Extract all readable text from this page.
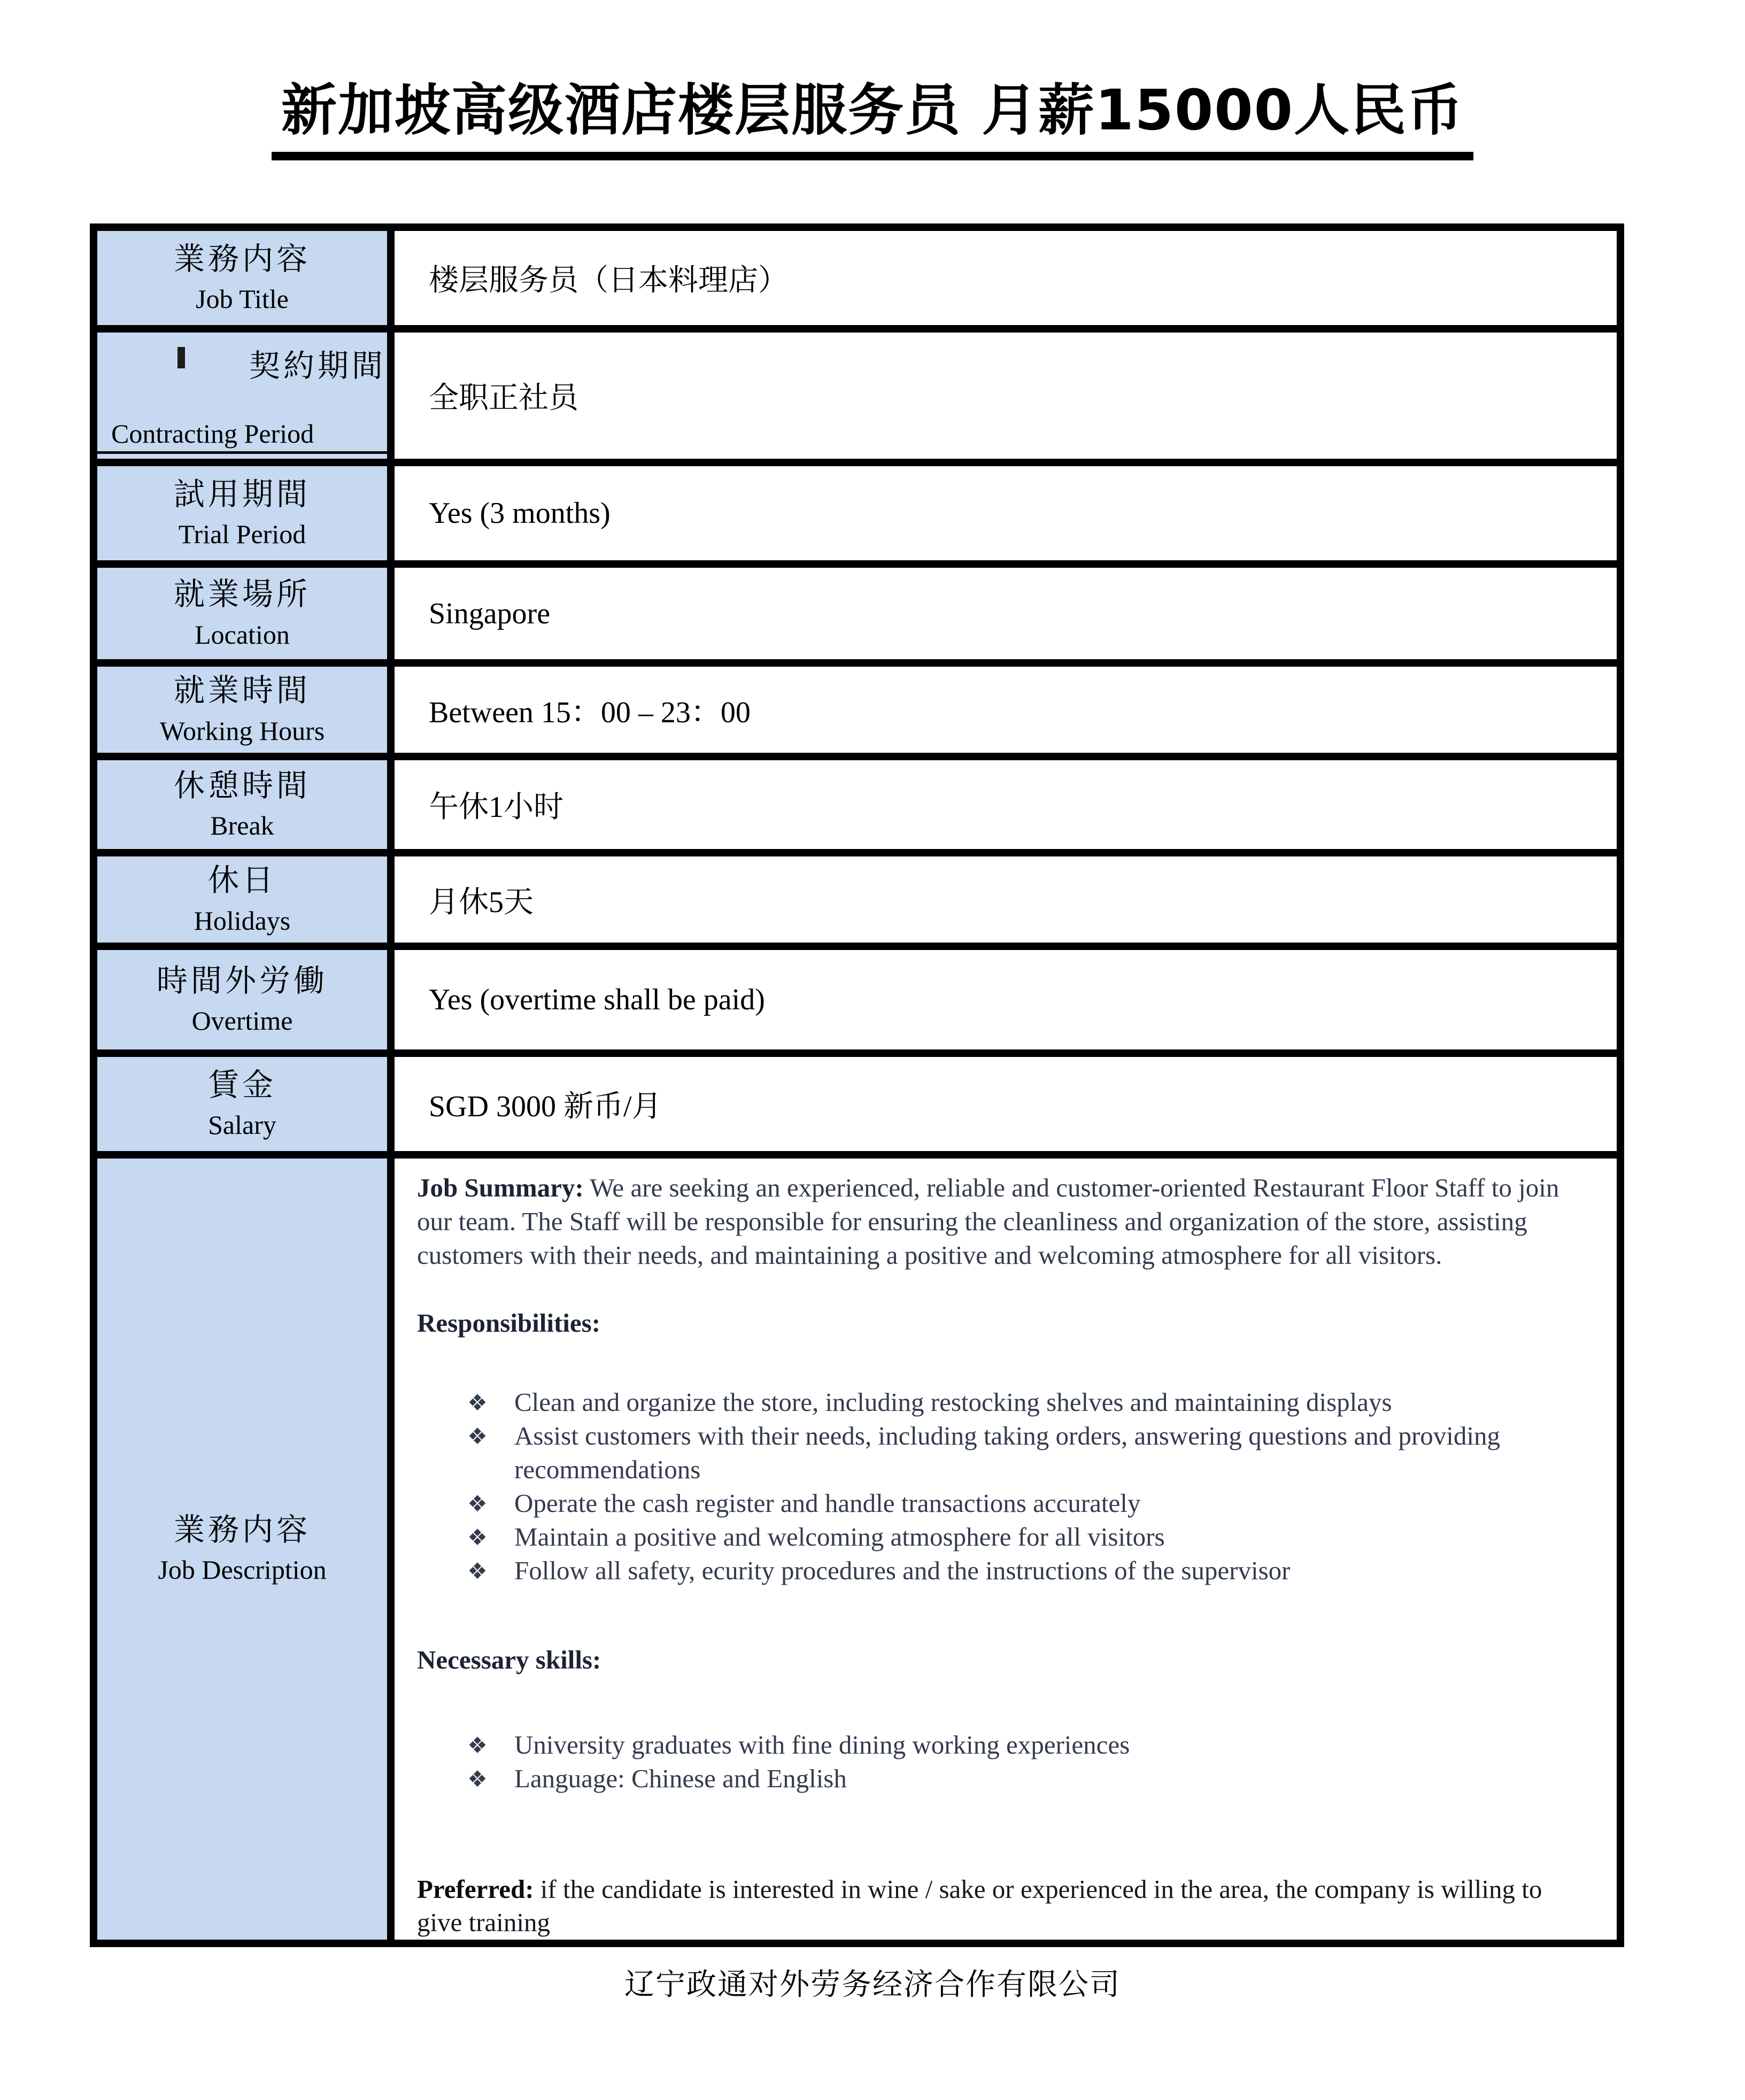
新加坡高级酒店楼层服务员 月薪15000人民币
業務内容
Job Title	楼层服务员（日本料理店）

契約期間
Contracting Period	全职正社员

試用期間
Trial Period	Yes (3 months)

就業場所
Location	Singapore

就業時間
Working Hours	Between 15：00 – 23：00

休憩時間
Break	午休1小时

休日
Holidays	月休5天

時間外労働
Overtime	Yes (overtime shall be paid)

賃金
Salary	SGD 3000 新币/月

業務内容
Job Description

Job Summary: We are seeking an experienced, reliable and customer-oriented Restaurant Floor Staff to join our team. The Staff will be responsible for ensuring the cleanliness and organization of the store, assisting customers with their needs, and maintaining a positive and welcoming atmosphere for all visitors.

Responsibilities:

❖ Clean and organize the store, including restocking shelves and maintaining displays
❖ Assist customers with their needs, including taking orders, answering questions and providing recommendations
❖ Operate the cash register and handle transactions accurately
❖ Maintain a positive and welcoming atmosphere for all visitors
❖ Follow all safety, ecurity procedures and the instructions of the supervisor

Necessary skills:

❖ University graduates with fine dining working experiences
❖ Language: Chinese and English

Preferred: if the candidate is interested in wine / sake or experienced in the area, the company is willing to give training

辽宁政通对外劳务经济合作有限公司
